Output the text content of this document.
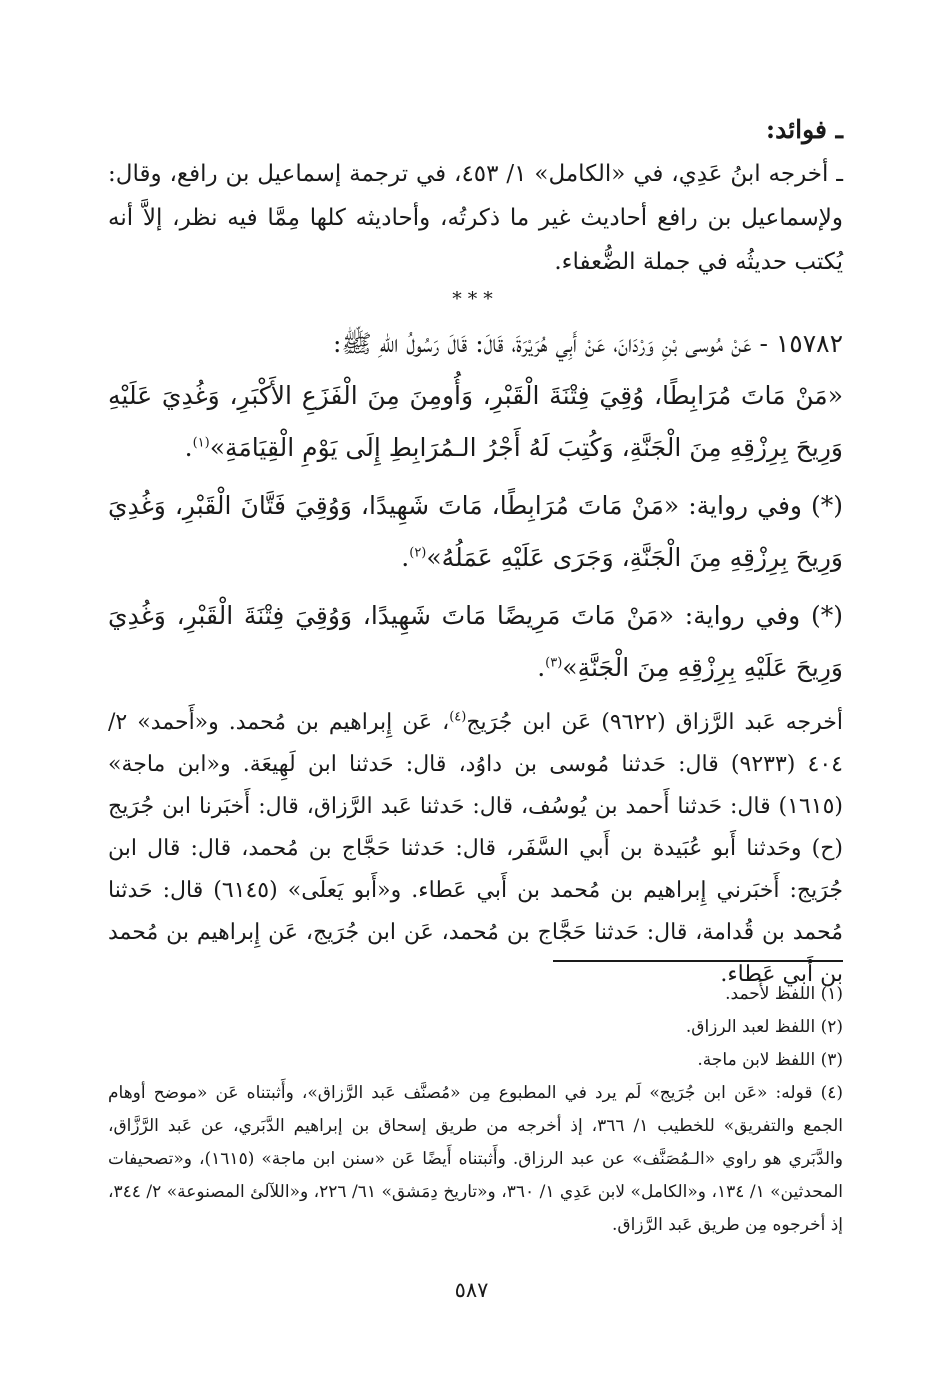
ـ فوائد:

ـ أخرجه ابنُ عَدِي، في «الكامل» ١/ ٤٥٣، في ترجمة إسماعيل بن رافع، وقال: ولإسماعيل بن رافع أحاديث غير ما ذكرتُه، وأحاديثه كلها مِمَّا فيه نظر، إلاَّ أنه يُكتب حديثُه في جملة الضُّعفاء.

***

١٥٧٨٢ - عَنْ مُوسى بْنِ وَرْدَانَ، عَنْ أَبِي هُرَيْرَةَ، قَالَ: قَالَ رَسُولُ اللهِ ﷺ:

«مَنْ مَاتَ مُرَابِطًا، وُقِيَ فِتْنَةَ الْقَبْرِ، وَأُومِنَ مِنَ الْفَزَعِ الأَكْبَرِ، وَغُدِيَ عَلَيْهِ وَرِيحَ بِرِزْقِهِ مِنَ الْجَنَّةِ، وَكُتِبَ لَهُ أَجْرُ الـمُرَابِطِ إِلَى يَوْمِ الْقِيَامَةِ»$^{(١)}$.

(*) وفي رواية: «مَنْ مَاتَ مُرَابِطًا، مَاتَ شَهِيدًا، وَوُقِيَ فَتَّانَ الْقَبْرِ، وَغُدِيَ وَرِيحَ بِرِزْقِهِ مِنَ الْجَنَّةِ، وَجَرَى عَلَيْهِ عَمَلُهُ»$^{(٢)}$.

(*) وفي رواية: «مَنْ مَاتَ مَرِيضًا مَاتَ شَهِيدًا، وَوُقِيَ فِتْنَةَ الْقَبْرِ، وَغُدِيَ وَرِيحَ عَلَيْهِ بِرِزْقِهِ مِنَ الْجَنَّةِ»$^{(٣)}$.

أخرجه عَبد الرَّزاق (٩٦٢٢) عَن ابن جُرَيج$^{(٤)}$، عَن إِبراهيم بن مُحمد. و«أَحمد» ٢/ ٤٠٤ (٩٢٣٣) قال: حَدثنا مُوسى بن داوُد، قال: حَدثنا ابن لَهِيعَة. و«ابن ماجة» (١٦١٥) قال: حَدثنا أَحمد بن يُوسُف، قال: حَدثنا عَبد الرَّزاق، قال: أَخبَرنا ابن جُرَيج (ح) وحَدثنا أَبو عُبَيدة بن أَبي السَّفَر، قال: حَدثنا حَجَّاج بن مُحمد، قال: قال ابن جُرَيج: أَخبَرني إِبراهيم بن مُحمد بن أَبي عَطاء. و«أَبو يَعلَى» (٦١٤٥) قال: حَدثنا مُحمد بن قُدامة، قال: حَدثنا حَجَّاج بن مُحمد، عَن ابن جُرَيج، عَن إِبراهيم بن مُحمد بن أَبي عَطاء.

(١) اللفظ لأَحمد.

(٢) اللفظ لعبد الرزاق.

(٣) اللفظ لابن ماجة.

(٤) قوله: «عَن ابن جُرَيج» لَم يرد في المطبوع مِن «مُصنَّف عَبد الرَّزاق»، وأَثبتناه عَن «موضح أوهام الجمع والتفريق» للخطيب ١/ ٣٦٦، إذ أخرجه من طريق إسحاق بن إبراهيم الدَّبَري، عن عَبد الرَّزَّاق، والدَّبَري هو راوي «الـمُصَنَّف» عن عبد الرزاق. وأَثبتناه أَيضًا عَن «سنن ابن ماجة» (١٦١٥)، و«تصحيفات المحدثين» ١/ ١٣٤، و«الكامل» لابن عَدِي ١/ ٣٦٠، و«تاريخ دِمَشق» ٦١/ ٢٢٦، و«اللآلئ المصنوعة» ٢/ ٣٤٤، إذ أخرجوه مِن طريق عَبد الرَّزاق.

٥٨٧
